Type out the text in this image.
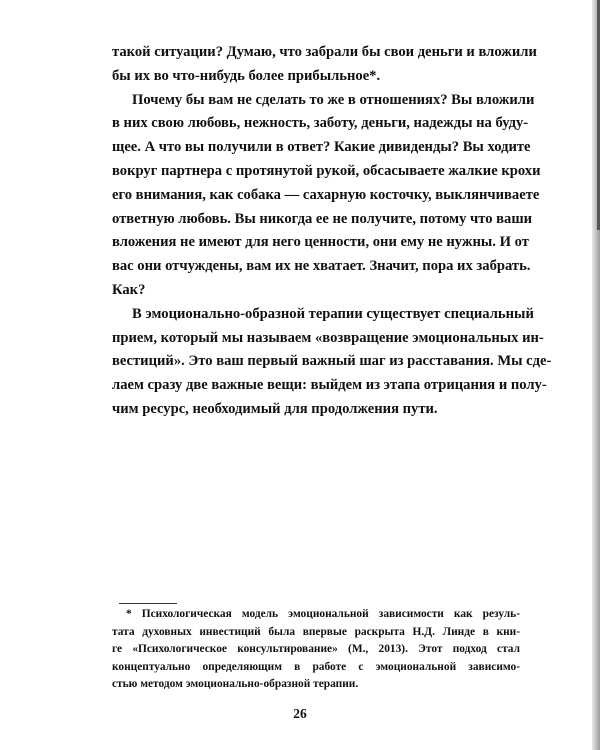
такой ситуации? Думаю, что забрали бы свои деньги и вложили
бы их во что-нибудь более прибыльное*.

Почему бы вам не сделать то же в отношениях? Вы вложили
в них свою любовь, нежность, заботу, деньги, надежды на буду-
щее. А что вы получили в ответ? Какие дивиденды? Вы ходите
вокруг партнера с протянутой рукой, обсасываете жалкие крохи
его внимания, как собака — сахарную косточку, выклянчиваете
ответную любовь. Вы никогда ее не получите, потому что ваши
вложения не имеют для него ценности, они ему не нужны. И от
вас они отчуждены, вам их не хватает. Значит, пора их забрать.
Как?

В эмоционально-образной терапии существует специальный
прием, который мы называем «возвращение эмоциональных ин-
вестиций». Это ваш первый важный шаг из расставания. Мы сде-
лаем сразу две важные вещи: выйдем из этапа отрицания и полу-
чим ресурс, необходимый для продолжения пути.

* Психологическая модель эмоциональной зависимости как резуль-
тата духовных инвестиций была впервые раскрыта Н.Д. Линде в кни-
ге «Психологическое консультирование» (М., 2013). Этот подход стал
концептуально определяющим в работе с эмоциональной зависимо-
стью методом эмоционально-образной терапии.
26
